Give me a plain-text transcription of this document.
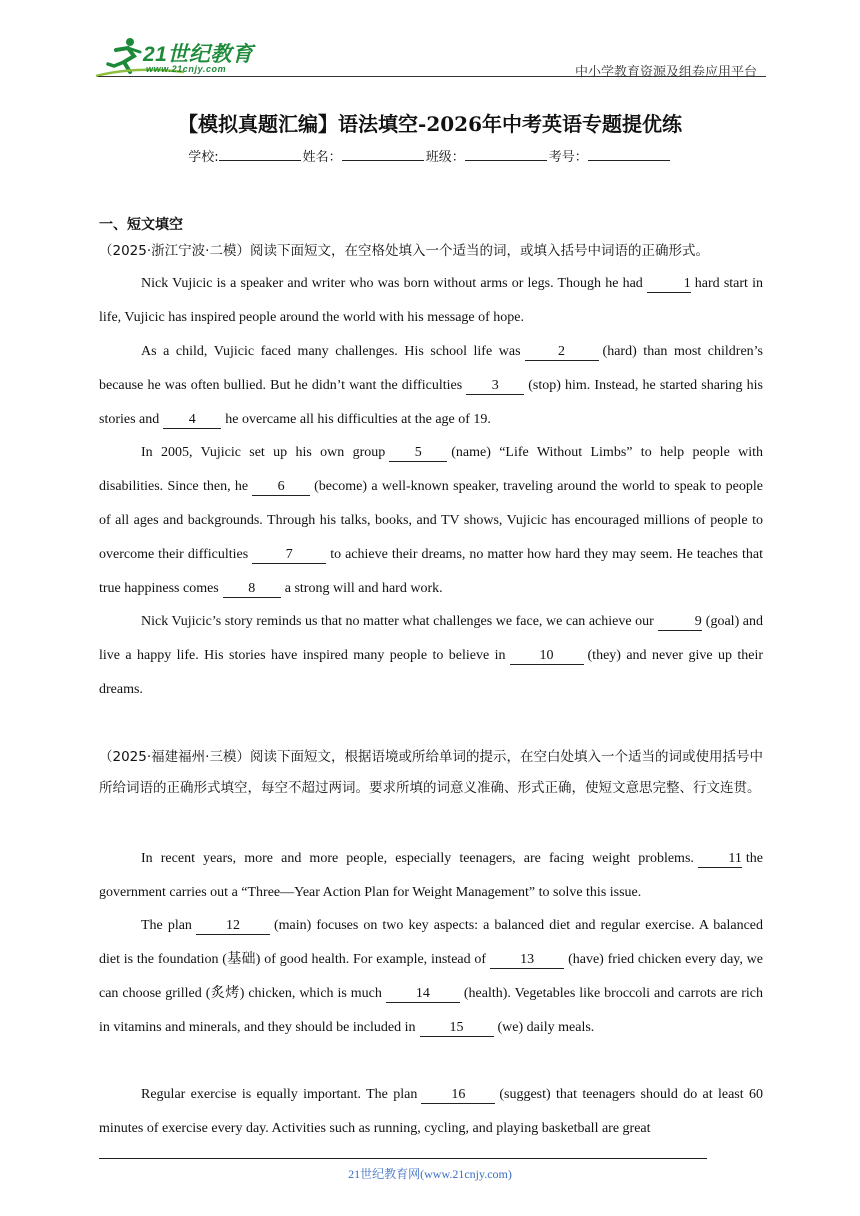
21世纪教育
www.21cnjy.com	中小学教育资源及组卷应用平台
【模拟真题汇编】语法填空-2026年中考英语专题提优练
学校:	姓名：	班级：	考号：
一、短文填空
（2025·浙江宁波·二模）阅读下面短文，在空格处填入一个适当的词，或填入括号中词语的正确形式。
Nick Vujicic is a speaker and writer who was born without arms or legs. Though he had	1 hard start in life, Vujicic has inspired people around the world with his message of hope.
As a child, Vujicic faced many challenges. His school life was	2	(hard) than most children’s because he was often bullied. But he didn’t want the difficulties 3 (stop) him. Instead, he started sharing his stories and 4 he overcame all his difficulties at the age of 19.
In 2005, Vujicic set up his own group 5 (name) “Life Without Limbs” to help people with disabilities. Since then, he 6 (become) a well-known speaker, traveling around the world to speak to people of all ages and backgrounds. Through his talks, books, and TV shows, Vujicic has encouraged millions of people to overcome their difficulties	7	to achieve their dreams, no matter how hard they may seem. He teaches that true happiness comes 8 a strong will and hard work.
Nick Vujicic’s story reminds us that no matter what challenges we face, we can achieve our	9 (goal) and live a happy life. His stories have inspired many people to believe in 10 (they) and never give up their dreams.
（2025·福建福州·三模）阅读下面短文，根据语境或所给单词的提示，在空白处填入一个适当的词或使用括号中所给词语的正确形式填空，每空不超过两词。要求所填的词意义准确、形式正确，使短文意思完整、行文连贯。
In recent years, more and more people, especially teenagers, are facing weight problems. 11 the government carries out a “Three—Year Action Plan for Weight Management” to solve this issue.
The plan 12 (main) focuses on two key aspects: a balanced diet and regular exercise. A balanced diet is the foundation (基础) of good health. For example, instead of 13 (have) fried chicken every day, we can choose grilled (炙烤) chicken, which is much 14 (health). Vegetables like broccoli and carrots are rich in vitamins and minerals, and they should be included in 15 (we) daily meals.
Regular exercise is equally important. The plan 16 (suggest) that teenagers should do at least 60 minutes of exercise every day. Activities such as running, cycling, and playing basketball are great
21世纪教育网(www.21cnjy.com)
